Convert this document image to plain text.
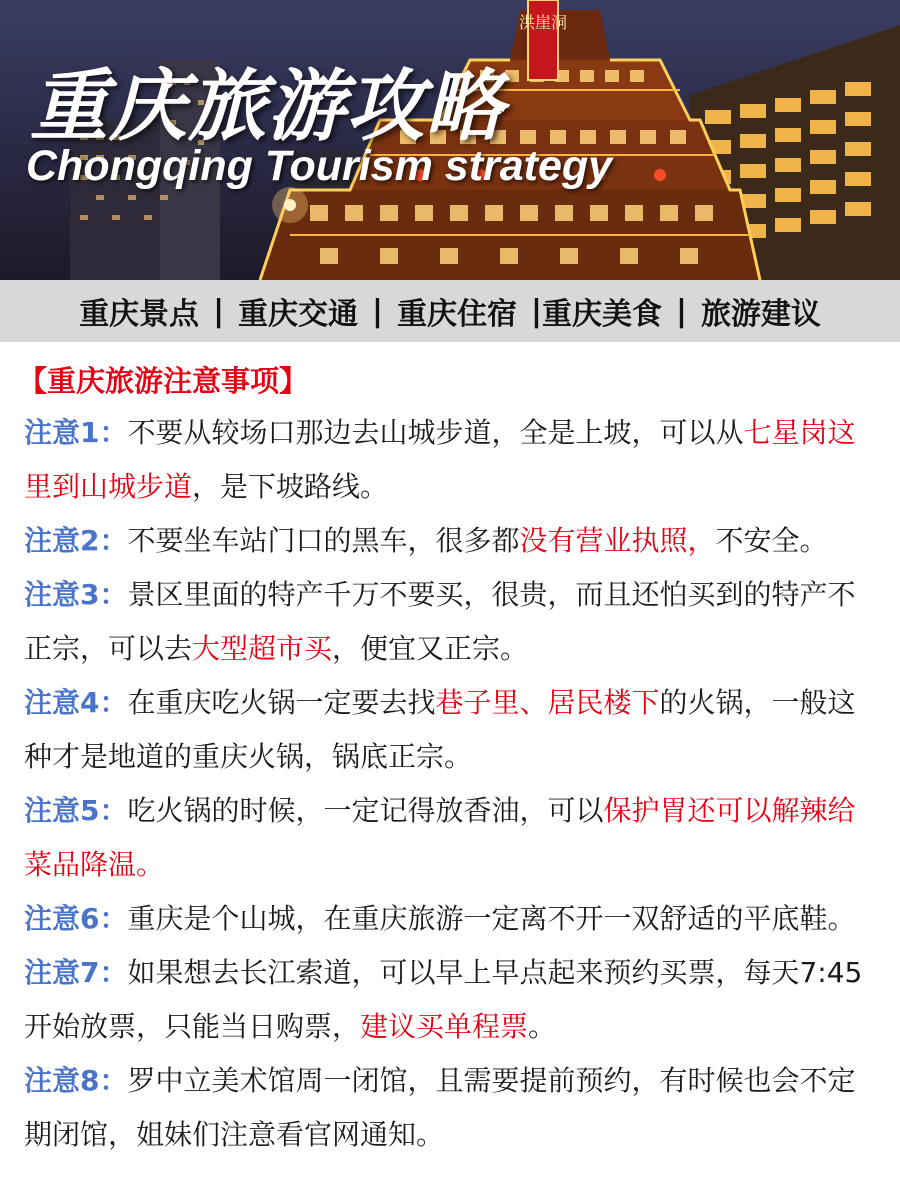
洪崖洞
重庆旅游攻略
Chongqing Tourism strategy
重庆景点 | 重庆交通 | 重庆住宿 | 重庆美食 | 旅游建议
【重庆旅游注意事项】

注意1：不要从较场口那边去山城步道，全是上坡，可以从七星岗这里到山城步道，是下坡路线。

注意2：不要坐车站门口的黑车，很多都没有营业执照，不安全。

注意3：景区里面的特产千万不要买，很贵，而且还怕买到的特产不正宗，可以去大型超市买，便宜又正宗。

注意4：在重庆吃火锅一定要去找巷子里、居民楼下的火锅，一般这种才是地道的重庆火锅，锅底正宗。

注意5：吃火锅的时候，一定记得放香油，可以保护胃还可以解辣给菜品降温。

注意6：重庆是个山城，在重庆旅游一定离不开一双舒适的平底鞋。

注意7：如果想去长江索道，可以早上早点起来预约买票，每天7:45开始放票，只能当日购票，建议买单程票。

注意8：罗中立美术馆周一闭馆，且需要提前预约，有时候也会不定期闭馆，姐妹们注意看官网通知。
